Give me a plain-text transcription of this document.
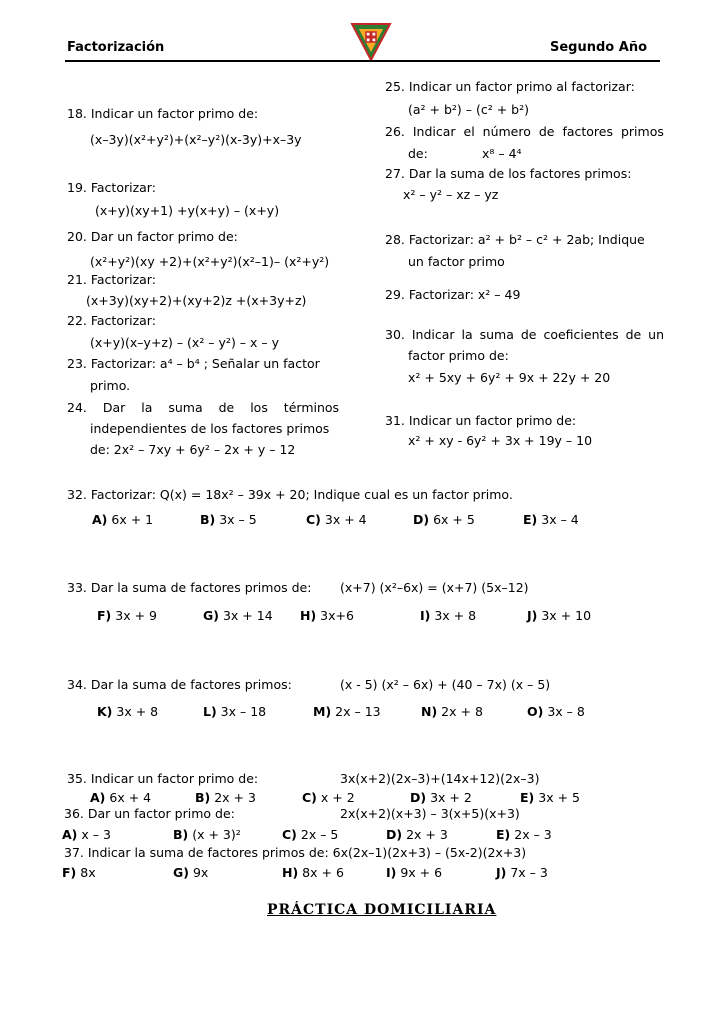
Factorización	Segundo Año
18. Indicar un factor primo de:
(x–3y)(x²+y²)+(x²–y²)(x-3y)+x–3y
19. Factorizar:
(x+y)(xy+1) +y(x+y) – (x+y)
20. Dar un factor primo de:
(x²+y²)(xy +2)+(x²+y²)(x²–1)– (x²+y²)
21. Factorizar:
(x+3y)(xy+2)+(xy+2)z +(x+3y+z)
22. Factorizar:
(x+y)(x–y+z) – (x² – y²) – x – y
23. Factorizar: a⁴ – b⁴ ; Señalar un factor
primo.
24. Dar la suma de los términos
independientes de los factores primos
de: 2x² – 7xy + 6y² – 2x + y – 12
25. Indicar un factor primo al factorizar:
(a² + b²) – (c² + b²)
26. Indicar el número de factores primos
de:	x⁸ – 4⁴
27. Dar la suma de los factores primos:
x² – y² – xz – yz
28. Factorizar: a² + b² – c² + 2ab; Indique
un factor primo
29. Factorizar: x² – 49
30. Indicar la suma de coeficientes de un
factor primo de:
x² + 5xy + 6y² + 9x + 22y + 20
31. Indicar un factor primo de:
x² + xy - 6y² + 3x + 19y – 10
32. Factorizar: Q(x) = 18x² – 39x + 20; Indique cual es un factor primo.
A) 6x + 1	B) 3x – 5	C) 3x + 4	D) 6x + 5	E) 3x – 4
33. Dar la suma de factores primos de: (x+7) (x²–6x) = (x+7) (5x–12)
F) 3x + 9	G) 3x + 14 H) 3x+6	I) 3x + 8	J) 3x + 10
34. Dar la suma de factores primos:	(x - 5) (x² – 6x) + (40 – 7x) (x – 5)
K) 3x + 8	L) 3x – 18	M) 2x – 13	N) 2x + 8	O) 3x – 8
35. Indicar un factor primo de:	3x(x+2)(2x–3)+(14x+12)(2x–3)
A) 6x + 4	B) 2x + 3	C) x + 2	D) 3x + 2	E) 3x + 5
36. Dar un factor primo de:	2x(x+2)(x+3) – 3(x+5)(x+3)
A) x – 3	B) (x + 3)²	C) 2x – 5	D) 2x + 3	E) 2x – 3
37. Indicar la suma de factores primos de: 6x(2x–1)(2x+3) – (5x-2)(2x+3)
F) 8x	G) 9x	H) 8x + 6	I) 9x + 6	J) 7x – 3
PRÁCTICA DOMICILIARIA
